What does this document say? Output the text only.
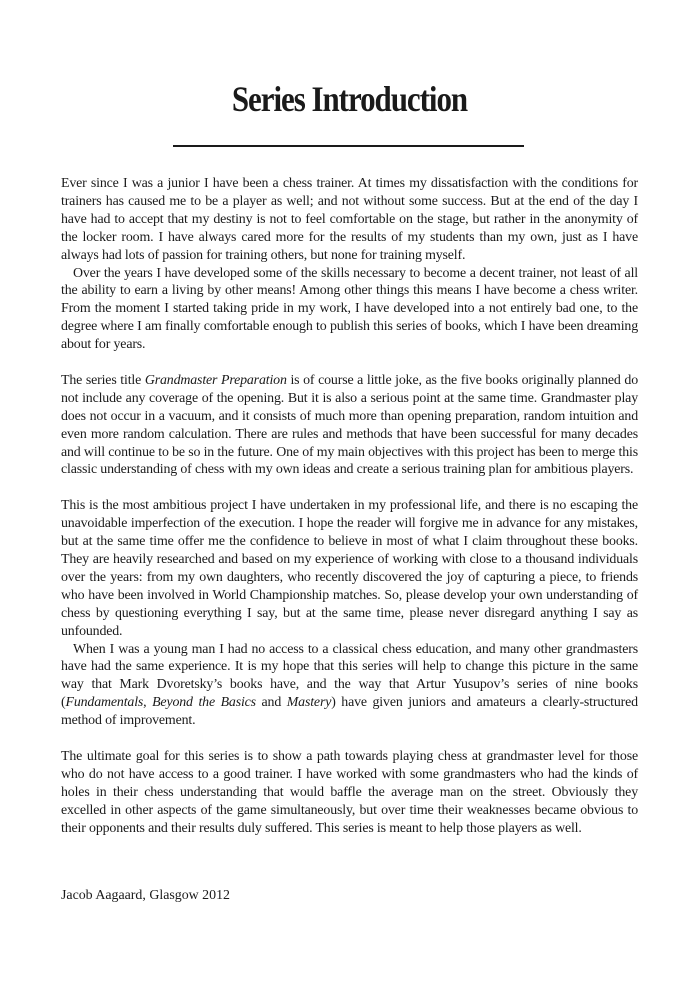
Series Introduction

Ever since I was a junior I have been a chess trainer. At times my dissatisfaction with the conditions for trainers has caused me to be a player as well; and not without some success. But at the end of the day I have had to accept that my destiny is not to feel comfortable on the stage, but rather in the anonymity of the locker room. I have always cared more for the results of my students than my own, just as I have always had lots of passion for training others, but none for training myself.

Over the years I have developed some of the skills necessary to become a decent trainer, not least of all the ability to earn a living by other means! Among other things this means I have become a chess writer. From the moment I started taking pride in my work, I have developed into a not entirely bad one, to the degree where I am finally comfortable enough to publish this series of books, which I have been dreaming about for years.

The series title Grandmaster Preparation is of course a little joke, as the five books originally planned do not include any coverage of the opening. But it is also a serious point at the same time. Grandmaster play does not occur in a vacuum, and it consists of much more than opening preparation, random intuition and even more random calculation. There are rules and methods that have been successful for many decades and will continue to be so in the future. One of my main objectives with this project has been to merge this classic understanding of chess with my own ideas and create a serious training plan for ambitious players.

This is the most ambitious project I have undertaken in my professional life, and there is no escaping the unavoidable imperfection of the execution. I hope the reader will forgive me in advance for any mistakes, but at the same time offer me the confidence to believe in most of what I claim throughout these books. They are heavily researched and based on my experience of working with close to a thousand individuals over the years: from my own daughters, who recently discovered the joy of capturing a piece, to friends who have been involved in World Championship matches. So, please develop your own understanding of chess by questioning everything I say, but at the same time, please never disregard anything I say as unfounded.

When I was a young man I had no access to a classical chess education, and many other grandmasters have had the same experience. It is my hope that this series will help to change this picture in the same way that Mark Dvoretsky’s books have, and the way that Artur Yusupov’s series of nine books (Fundamentals, Beyond the Basics and Mastery) have given juniors and amateurs a clearly-structured method of improvement.

The ultimate goal for this series is to show a path towards playing chess at grandmaster level for those who do not have access to a good trainer. I have worked with some grandmasters who had the kinds of holes in their chess understanding that would baffle the average man on the street. Obviously they excelled in other aspects of the game simultaneously, but over time their weaknesses became obvious to their opponents and their results duly suffered. This series is meant to help those players as well.

Jacob Aagaard, Glasgow 2012
